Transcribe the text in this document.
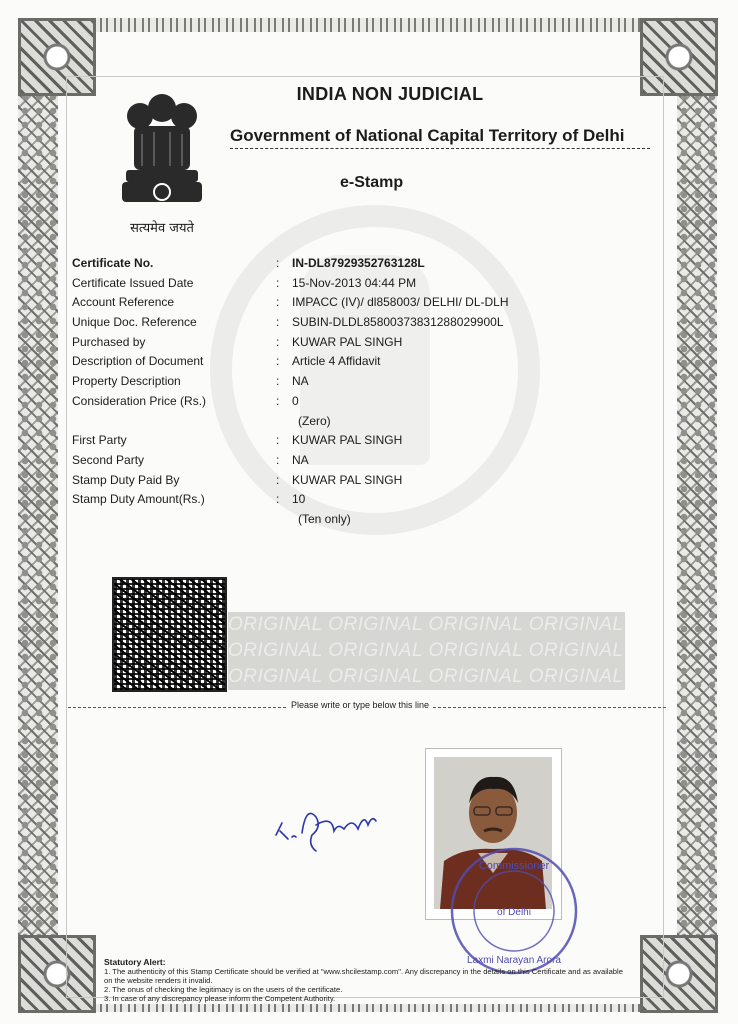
सत्यमेव जयते
INDIA NON JUDICIAL
Government of National Capital Territory of Delhi
e-Stamp
Certificate No.	: IN-DL87929352763128L
Certificate Issued Date	: 15-Nov-2013 04:44 PM
Account Reference	: IMPACC (IV)/ dl858003/ DELHI/ DL-DLH
Unique Doc. Reference	: SUBIN-DLDL85800373831288029900L
Purchased by	: KUWAR PAL SINGH
Description of Document	: Article 4 Affidavit
Property Description	: NA
Consideration Price (Rs.)	: 0
(Zero)
First Party	: KUWAR PAL SINGH
Second Party	: NA
Stamp Duty Paid By	: KUWAR PAL SINGH
Stamp Duty Amount(Rs.)	: 10
(Ten only)
ORIGINAL ORIGINAL ORIGINAL ORIGINAL
ORIGINAL ORIGINAL ORIGINAL ORIGINAL
ORIGINAL ORIGINAL ORIGINAL ORIGINAL
Please write or type below this line
Commissioner
of Delhi
Laxmi Narayan Arora
Statutory Alert:
1. The authenticity of this Stamp Certificate should be verified at "www.shcilestamp.com". Any discrepancy in the details on this Certificate and as available on the website renders it invalid.
2. The onus of checking the legitimacy is on the users of the certificate.
3. In case of any discrepancy please inform the Competent Authority.
